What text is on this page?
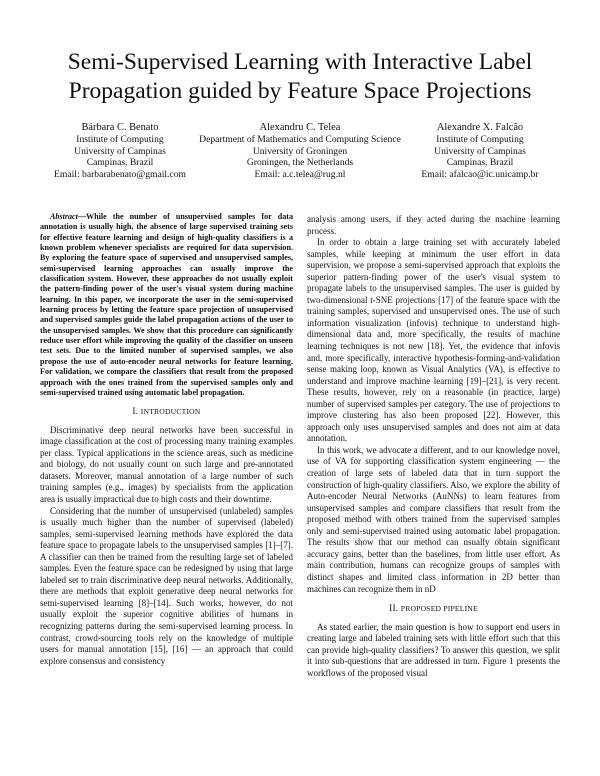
Semi-Supervised Learning with Interactive Label
Propagation guided by Feature Space Projections
Bárbara C. Benato
Institute of Computing
University of Campinas
Campinas, Brazil
Email: barbarabenato@gmail.com
Alexandru C. Telea
Department of Mathematics and Computing Science
University of Groningen
Groningen, the Netherlands
Email: a.c.telea@rug.nl
Alexandre X. Falcão
Institute of Computing
University of Campinas
Campinas, Brazil
Email: afalcao@ic.unicamp.br

Abstract—While the number of unsupervised samples for data annotation is usually high, the absence of large supervised training sets for effective feature learning and design of high-quality classifiers is a known problem whenever specialists are required for data supervision. By exploring the feature space of supervised and unsupervised samples, semi-supervised learning approaches can usually improve the classification system. However, these approaches do not usually exploit the pattern-finding power of the user's visual system during machine learning. In this paper, we incorporate the user in the semi-supervised learning process by letting the feature space projection of unsupervised and supervised samples guide the label propagation actions of the user to the unsupervised samples. We show that this procedure can significantly reduce user effort while improving the quality of the classifier on unseen test sets. Due to the limited number of supervised samples, we also propose the use of auto-encoder neural networks for feature learning. For validation, we compare the classifiers that result from the proposed approach with the ones trained from the supervised samples only and semi-supervised trained using automatic label propagation.

I. INTRODUCTION

Discriminative deep neural networks have been successful in image classification at the cost of processing many training examples per class. Typical applications in the science areas, such as medicine and biology, do not usually count on such large and pre-annotated datasets. Moreover, manual annotation of a large number of such training samples (e.g., images) by specialists from the application area is usually impractical due to high costs and their downtime.

Considering that the number of unsupervised (unlabeled) samples is usually much higher than the number of supervised (labeled) samples, semi-supervised learning methods have explored the data feature space to propagate labels to the unsupervised samples [1]–[7]. A classifier can then be trained from the resulting large set of labeled samples. Even the feature space can be redesigned by using that large labeled set to train discriminative deep neural networks. Additionally, there are methods that exploit generative deep neural networks for semi-supervised learning [8]–[14]. Such works, however, do not usually exploit the superior cognitive abilities of humans in recognizing patterns during the semi-supervised learning process. In contrast, crowd-sourcing tools rely on the knowledge of multiple users for manual annotation [15], [16] — an approach that could explore consensus and consistency

analysis among users, if they acted during the machine learning process.

In order to obtain a large training set with accurately labeled samples, while keeping at minimum the user effort in data supervision, we propose a semi-supervised approach that exploits the superior pattern-finding power of the user's visual system to propagate labels to the unsupervised samples. The user is guided by two-dimensional t-SNE projections [17] of the feature space with the training samples, supervised and unsupervised ones. The use of such information visualization (infovis) technique to understand high-dimensional data and, more specifically, the results of machine learning techniques is not new [18]. Yet, the evidence that infovis and, more specifically, interactive hypothesis-forming-and-validation sense making loop, known as Visual Analytics (VA), is effective to understand and improve machine learning [19]–[21], is very recent. These results, however, rely on a reasonable (in practice, large) number of supervised samples per category. The use of projections to improve clustering has also been proposed [22]. However, this approach only uses unsupervised samples and does not aim at data annotation.

In this work, we advocate a different, and to our knowledge novel, use of VA for supporting classification system engineering — the creation of large sets of labeled data that in turn support the construction of high-quality classifiers. Also, we explore the ability of Auto-encoder Neural Networks (AuNNs) to learn features from unsupervised samples and compare classifiers that result from the proposed method with others trained from the supervised samples only and semi-supervised trained using automatic label propagation. The results show that our method can usually obtain significant accuracy gains, better than the baselines, from little user effort. As main contribution, humans can recognize groups of samples with distinct shapes and limited class information in 2D better than machines can recognize them in nD

II. PROPOSED PIPELINE

As stated earlier, the main question is how to support end users in creating large and labeled training sets with little effort such that this can provide high-quality classifiers? To answer this question, we split it into sub-questions that are addressed in turn. Figure 1 presents the workflows of the proposed visual
